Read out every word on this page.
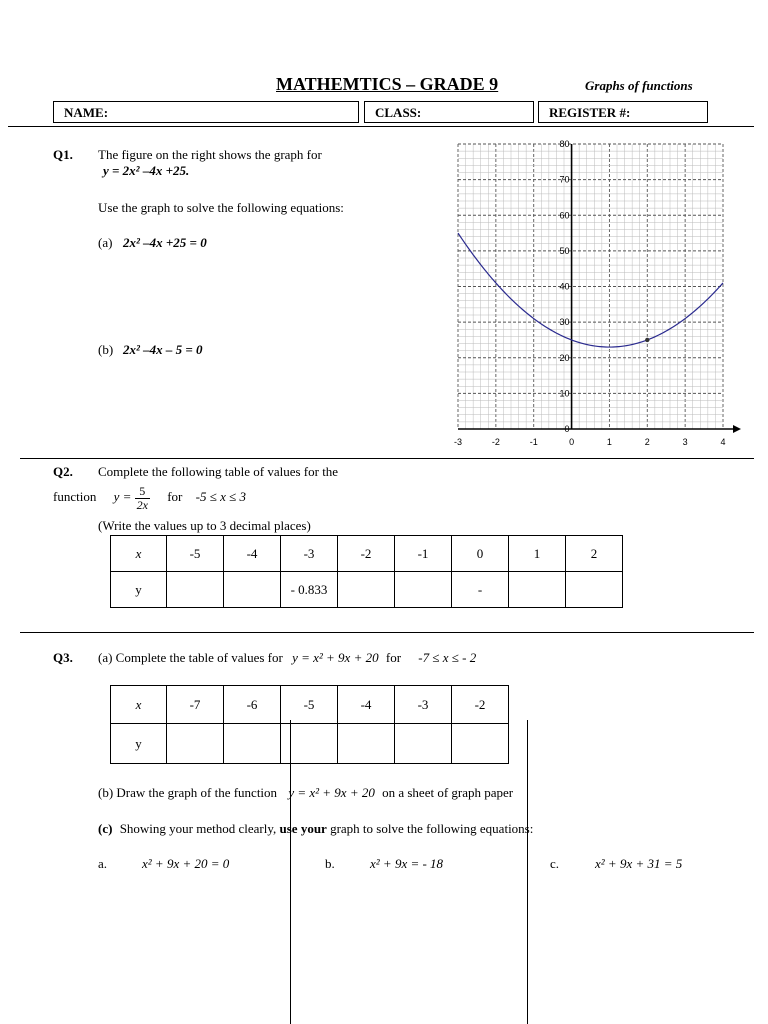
MATHEMTICS – GRADE 9	Graphs of functions
NAME:	CLASS:	REGISTER #:
Q1. The figure on the right shows the graph for
y = 2x² –4x +25.
Use the graph to solve the following equations:
(a) 2x² –4x +25 = 0
(b) 2x² –4x – 5 = 0
-3	-2	-1	0	1	2	3	4
0
10
20
30
40
50
60
70
80
Q2. Complete the following table of values for the
function $y = \frac{5}{2x}$ for -5 ≤ x ≤ 3
(Write the values up to 3 decimal places)
x	-5	-4	-3	-2	-1	0	1	2
y			- 0.833			-		
Q3. (a) Complete the table of values for y = x² + 9x + 20 for -7 ≤ x ≤ - 2
x	-7	-6	-5	-4	-3	-2
y						
(b) Draw the graph of the function y = x² + 9x + 20 on a sheet of graph paper
(c) Showing your method clearly, use your graph to solve the following equations:
a.	x² + 9x + 20 = 0	b.	x² + 9x = - 18	c.	x² + 9x + 31 = 5
